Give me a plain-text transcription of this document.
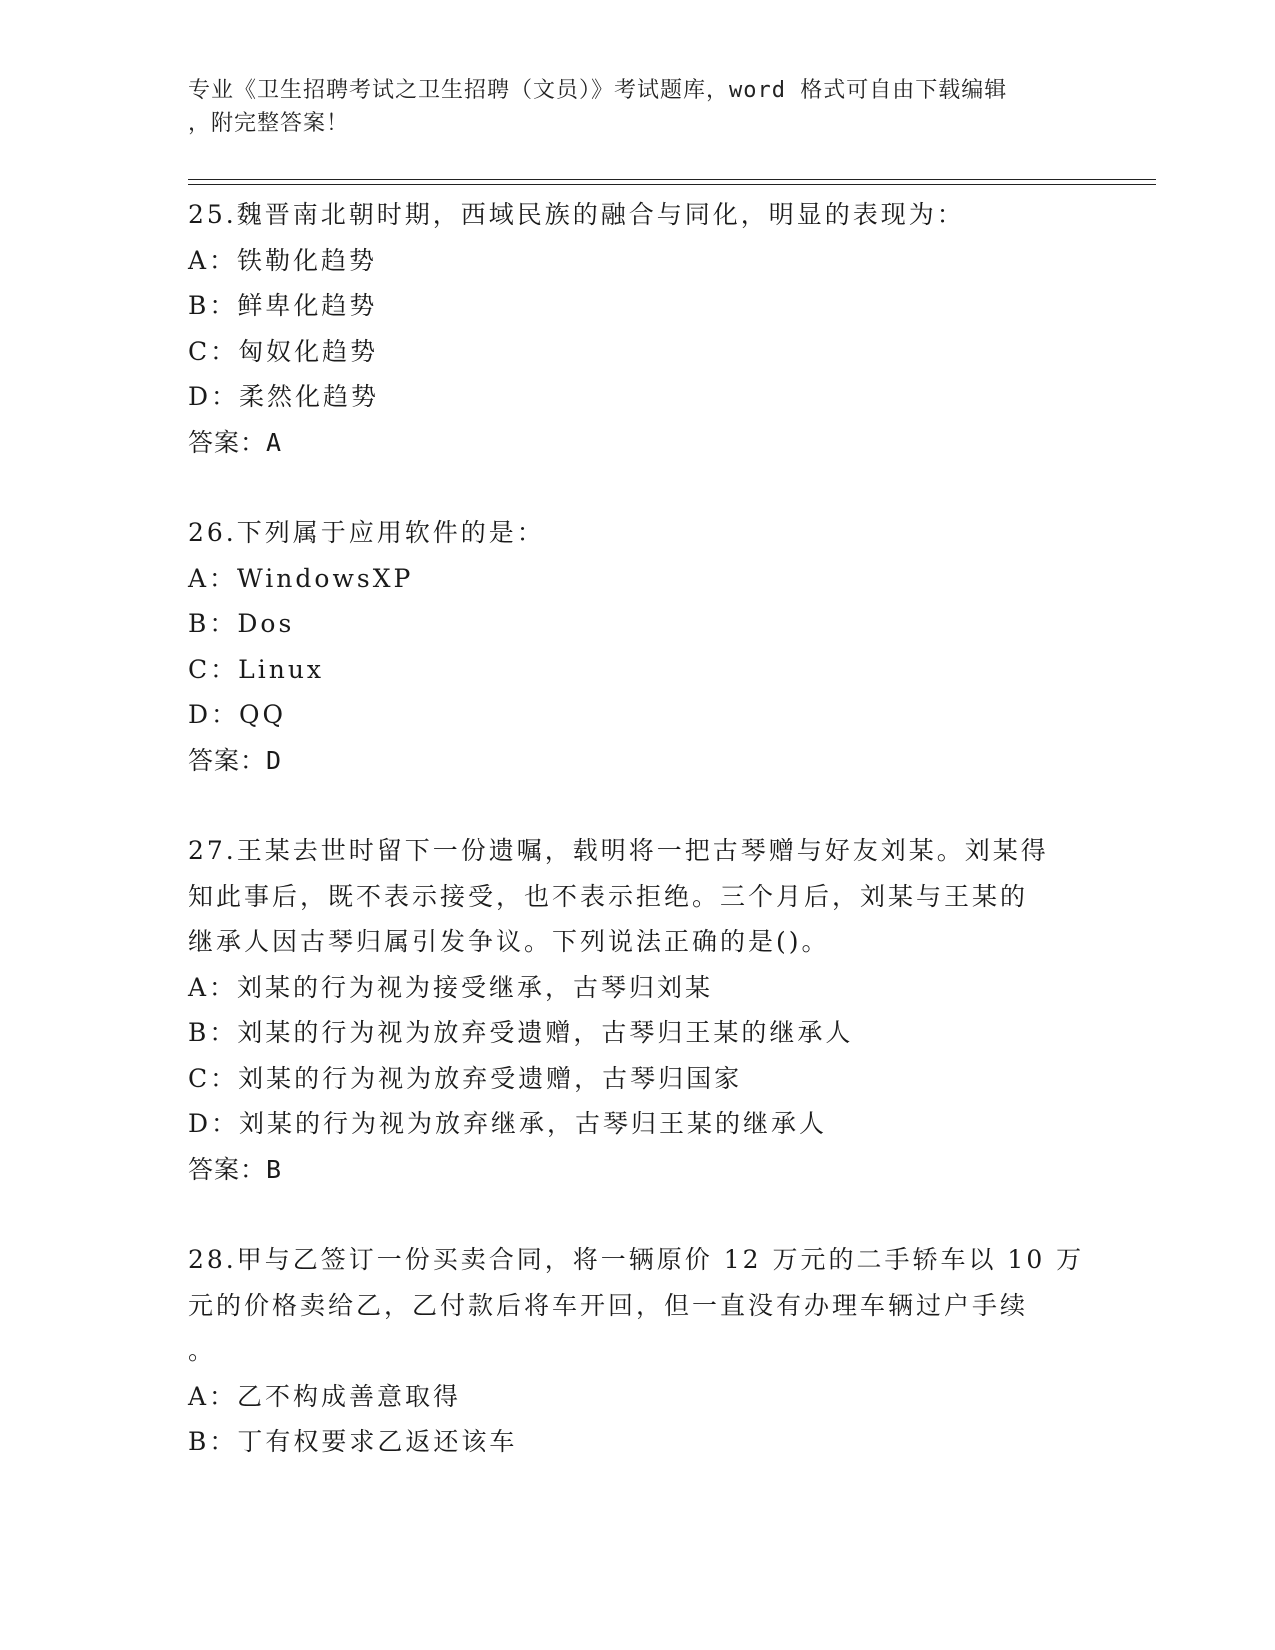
专业《卫生招聘考试之卫生招聘（文员）》考试题库，word 格式可自由下载编辑
，附完整答案！
25.魏晋南北朝时期，西域民族的融合与同化，明显的表现为：
A：铁勒化趋势
B：鲜卑化趋势
C：匈奴化趋势
D：柔然化趋势
答案：A
26.下列属于应用软件的是：
A：WindowsXP
B：Dos
C：Linux
D：QQ
答案：D
27.王某去世时留下一份遗嘱，载明将一把古琴赠与好友刘某。刘某得
知此事后，既不表示接受，也不表示拒绝。三个月后，刘某与王某的
继承人因古琴归属引发争议。下列说法正确的是()。
A：刘某的行为视为接受继承，古琴归刘某
B：刘某的行为视为放弃受遗赠，古琴归王某的继承人
C：刘某的行为视为放弃受遗赠，古琴归国家
D：刘某的行为视为放弃继承，古琴归王某的继承人
答案：B
28.甲与乙签订一份买卖合同，将一辆原价 12 万元的二手轿车以 10 万
元的价格卖给乙，乙付款后将车开回，但一直没有办理车辆过户手续
。
A：乙不构成善意取得
B：丁有权要求乙返还该车
